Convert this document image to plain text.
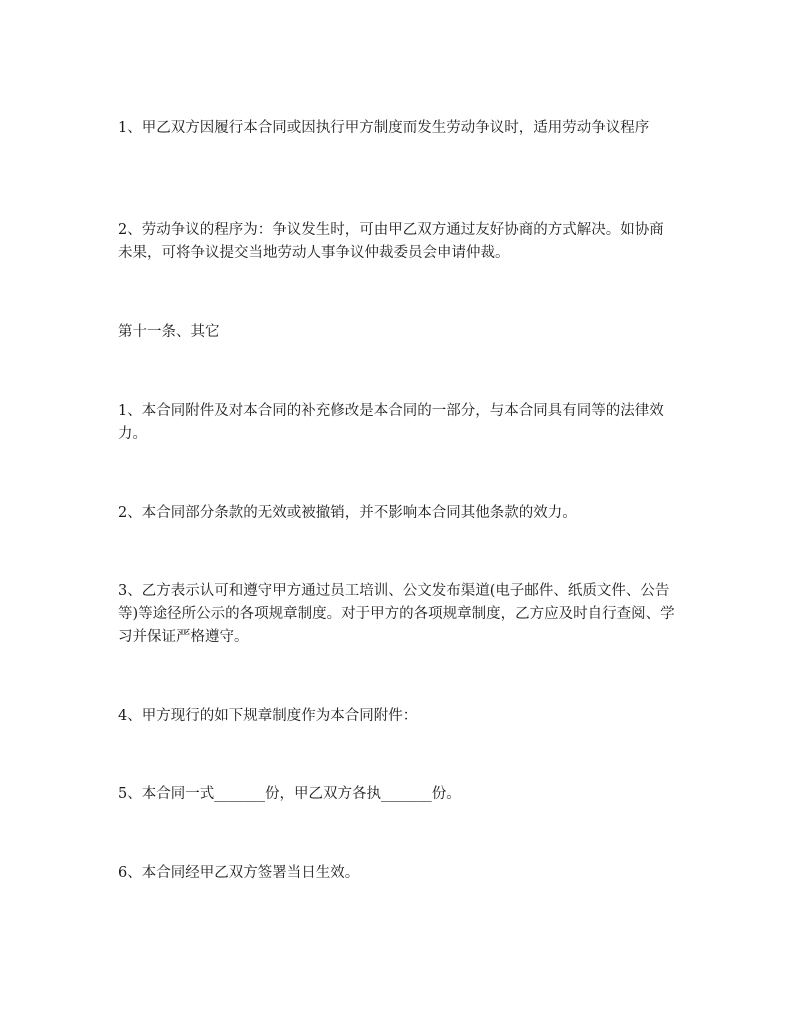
1、甲乙双方因履行本合同或因执行甲方制度而发生劳动争议时，适用劳动争议程序

2、劳动争议的程序为：争议发生时，可由甲乙双方通过友好协商的方式解决。如协商未果，可将争议提交当地劳动人事争议仲裁委员会申请仲裁。

第十一条、其它

1、本合同附件及对本合同的补充修改是本合同的一部分，与本合同具有同等的法律效力。

2、本合同部分条款的无效或被撤销，并不影响本合同其他条款的效力。

3、乙方表示认可和遵守甲方通过员工培训、公文发布渠道(电子邮件、纸质文件、公告等)等途径所公示的各项规章制度。对于甲方的各项规章制度，乙方应及时自行查阅、学习并保证严格遵守。

4、甲方现行的如下规章制度作为本合同附件：

5、本合同一式_______份，甲乙双方各执_______份。

6、本合同经甲乙双方签署当日生效。
